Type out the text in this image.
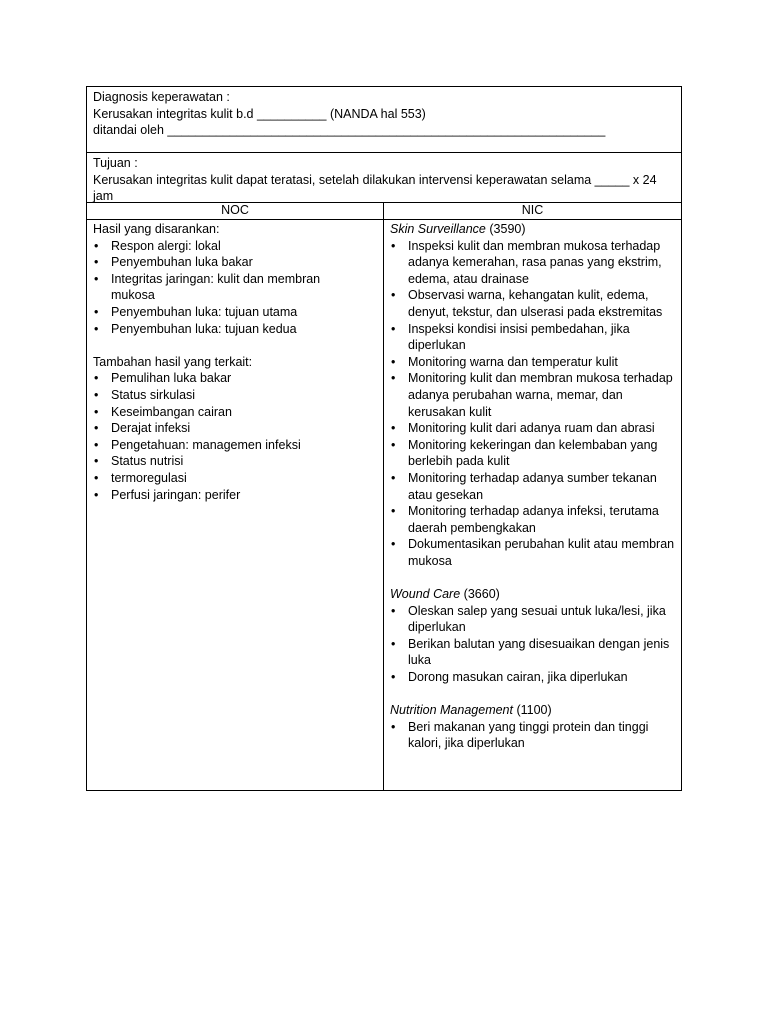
Diagnosis keperawatan :
Kerusakan integritas kulit b.d __________ (NANDA hal 553)
ditandai oleh _______________________________________________________________
Tujuan :
Kerusakan integritas kulit dapat teratasi, setelah dilakukan intervensi keperawatan selama _____ x 24 jam
NOC	NIC
Hasil yang disarankan:
• Respon alergi: lokal
• Penyembuhan luka bakar
• Integritas jaringan: kulit dan membran mukosa
• Penyembuhan luka: tujuan utama
• Penyembuhan luka: tujuan kedua
Tambahan hasil yang terkait:
• Pemulihan luka bakar
• Status sirkulasi
• Keseimbangan cairan
• Derajat infeksi
• Pengetahuan: managemen infeksi
• Status nutrisi
• termoregulasi
• Perfusi jaringan: perifer
Skin Surveillance (3590)
• Inspeksi kulit dan membran mukosa terhadap adanya kemerahan, rasa panas yang ekstrim, edema, atau drainase
• Observasi warna, kehangatan kulit, edema, denyut, tekstur, dan ulserasi pada ekstremitas
• Inspeksi kondisi insisi pembedahan, jika diperlukan
• Monitoring warna dan temperatur kulit
• Monitoring kulit dan membran mukosa terhadap adanya perubahan warna, memar, dan kerusakan kulit
• Monitoring kulit dari adanya ruam dan abrasi
• Monitoring kekeringan dan kelembaban yang berlebih pada kulit
• Monitoring terhadap adanya sumber tekanan atau gesekan
• Monitoring terhadap adanya infeksi, terutama daerah pembengkakan
• Dokumentasikan perubahan kulit atau membran mukosa
Wound Care (3660)
• Oleskan salep yang sesuai untuk luka/lesi, jika diperlukan
• Berikan balutan yang disesuaikan dengan jenis luka
• Dorong masukan cairan, jika diperlukan
Nutrition Management (1100)
• Beri makanan yang tinggi protein dan tinggi kalori, jika diperlukan
